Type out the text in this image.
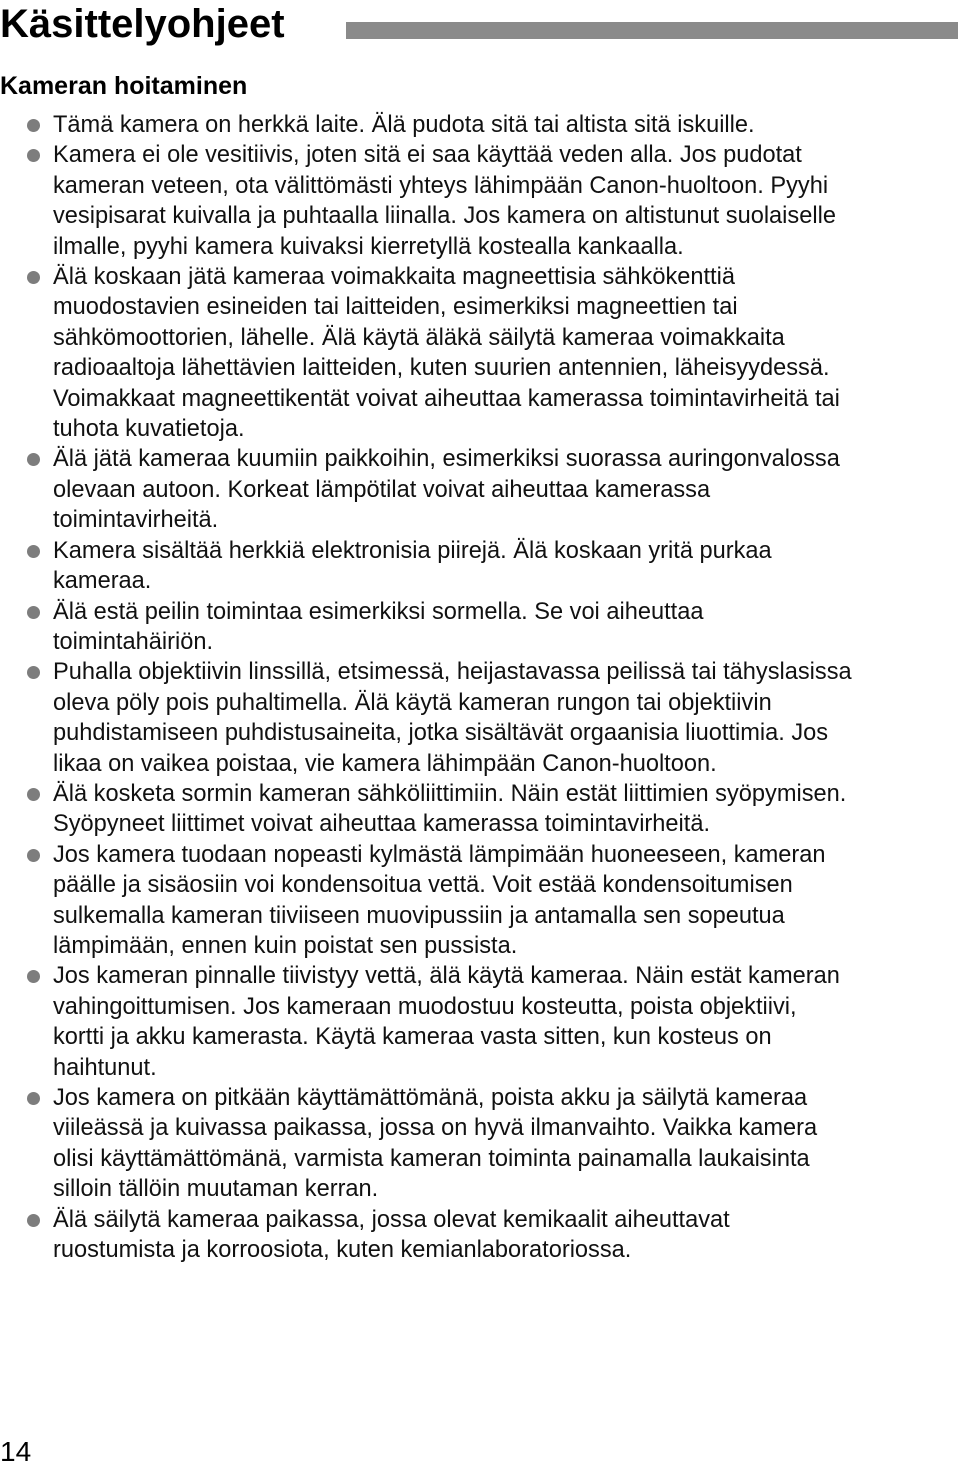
Käsittelyohjeet
Kameran hoitaminen
Tämä kamera on herkkä laite. Älä pudota sitä tai altista sitä iskuille.
Kamera ei ole vesitiivis, joten sitä ei saa käyttää veden alla. Jos pudotat
kameran veteen, ota välittömästi yhteys lähimpään Canon-huoltoon. Pyyhi
vesipisarat kuivalla ja puhtaalla liinalla. Jos kamera on altistunut suolaiselle
ilmalle, pyyhi kamera kuivaksi kierretyllä kostealla kankaalla.
Älä koskaan jätä kameraa voimakkaita magneettisia sähkökenttiä
muodostavien esineiden tai laitteiden, esimerkiksi magneettien tai
sähkömoottorien, lähelle. Älä käytä äläkä säilytä kameraa voimakkaita
radioaaltoja lähettävien laitteiden, kuten suurien antennien, läheisyydessä.
Voimakkaat magneettikentät voivat aiheuttaa kamerassa toimintavirheitä tai
tuhota kuvatietoja.
Älä jätä kameraa kuumiin paikkoihin, esimerkiksi suorassa auringonvalossa
olevaan autoon. Korkeat lämpötilat voivat aiheuttaa kamerassa
toimintavirheitä.
Kamera sisältää herkkiä elektronisia piirejä. Älä koskaan yritä purkaa
kameraa.
Älä estä peilin toimintaa esimerkiksi sormella. Se voi aiheuttaa
toimintahäiriön.
Puhalla objektiivin linssillä, etsimessä, heijastavassa peilissä tai tähyslasissa
oleva pöly pois puhaltimella. Älä käytä kameran rungon tai objektiivin
puhdistamiseen puhdistusaineita, jotka sisältävät orgaanisia liuottimia. Jos
likaa on vaikea poistaa, vie kamera lähimpään Canon-huoltoon.
Älä kosketa sormin kameran sähköliittimiin. Näin estät liittimien syöpymisen.
Syöpyneet liittimet voivat aiheuttaa kamerassa toimintavirheitä.
Jos kamera tuodaan nopeasti kylmästä lämpimään huoneeseen, kameran
päälle ja sisäosiin voi kondensoitua vettä. Voit estää kondensoitumisen
sulkemalla kameran tiiviiseen muovipussiin ja antamalla sen sopeutua
lämpimään, ennen kuin poistat sen pussista.
Jos kameran pinnalle tiivistyy vettä, älä käytä kameraa. Näin estät kameran
vahingoittumisen. Jos kameraan muodostuu kosteutta, poista objektiivi,
kortti ja akku kamerasta. Käytä kameraa vasta sitten, kun kosteus on
haihtunut.
Jos kamera on pitkään käyttämättömänä, poista akku ja säilytä kameraa
viileässä ja kuivassa paikassa, jossa on hyvä ilmanvaihto. Vaikka kamera
olisi käyttämättömänä, varmista kameran toiminta painamalla laukaisinta
silloin tällöin muutaman kerran.
Älä säilytä kameraa paikassa, jossa olevat kemikaalit aiheuttavat
ruostumista ja korroosiota, kuten kemianlaboratoriossa.
14
